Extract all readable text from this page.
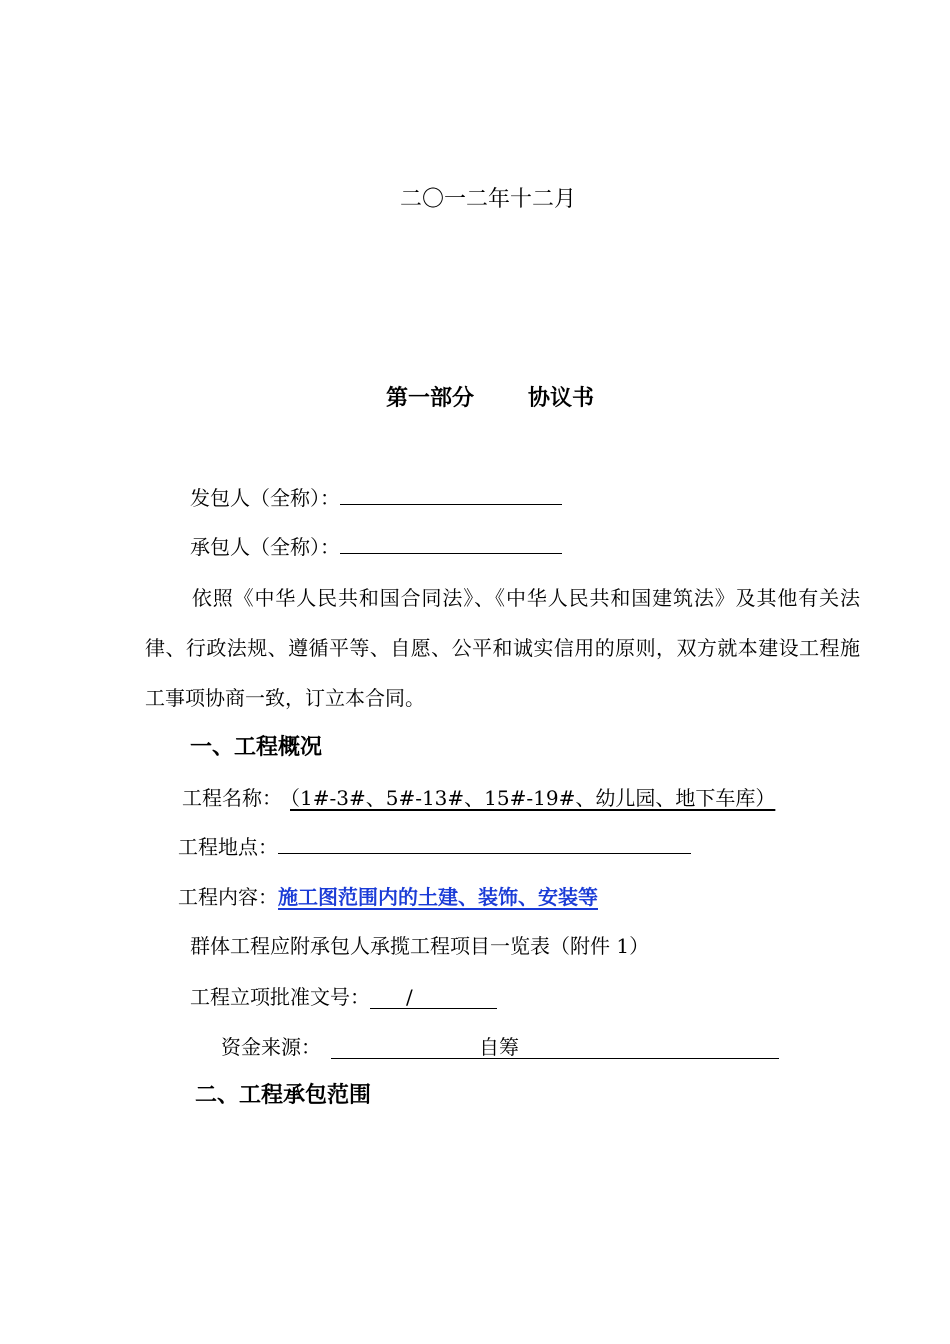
二〇一二年十二月
第一部分 协议书
发包人（全称）：
承包人（全称）：
依照《中华人民共和国合同法》、《中华人民共和国建筑法》及其他有关法律、行政法规、遵循平等、自愿、公平和诚实信用的原则，双方就本建设工程施工事项协商一致，订立本合同。
一、工程概况
工程名称： （1#-3#、5#-13#、15#-19#、幼儿园、地下车库）
工程地点：
工程内容：施工图范围内的土建、装饰、安装等
群体工程应附承包人承揽工程项目一览表（附件 1）
工程立项批准文号： /
资金来源：	自筹
二、工程承包范围
